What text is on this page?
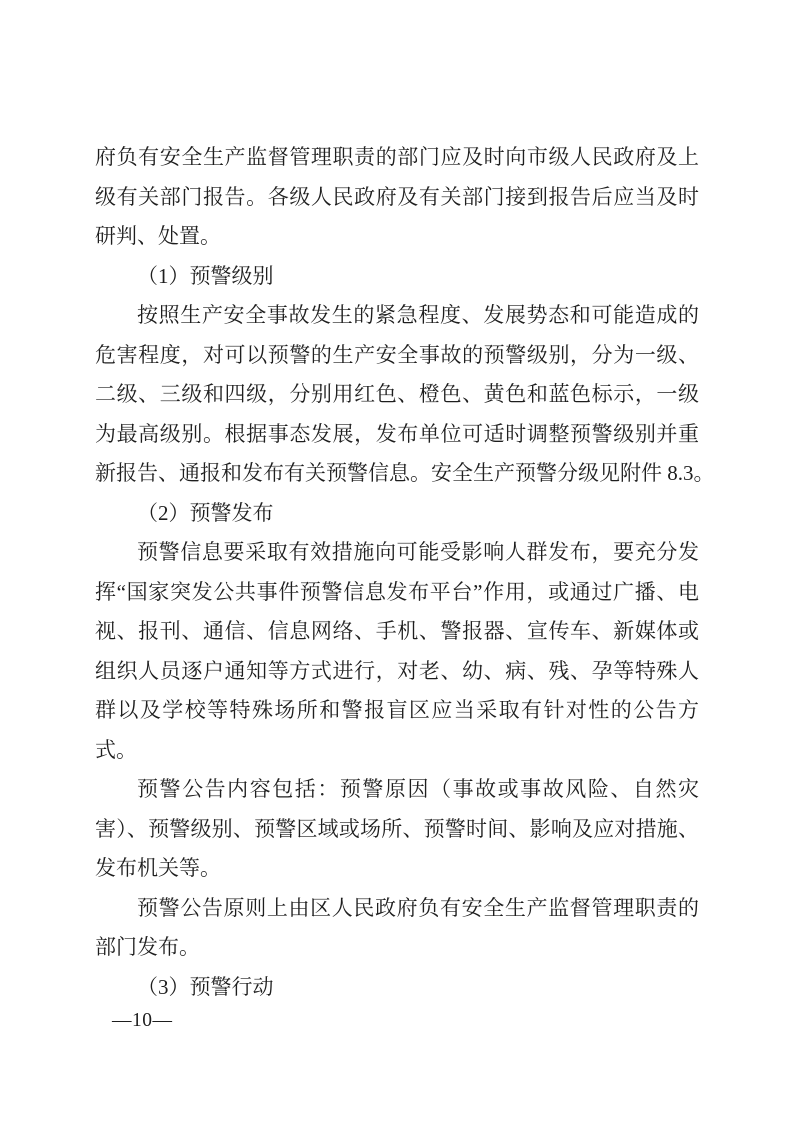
府负有安全生产监督管理职责的部门应及时向市级人民政府及上级有关部门报告。各级人民政府及有关部门接到报告后应当及时研判、处置。

（1）预警级别

按照生产安全事故发生的紧急程度、发展势态和可能造成的危害程度，对可以预警的生产安全事故的预警级别，分为一级、二级、三级和四级，分别用红色、橙色、黄色和蓝色标示，一级为最高级别。根据事态发展，发布单位可适时调整预警级别并重新报告、通报和发布有关预警信息。安全生产预警分级见附件 8.3。

（2）预警发布

预警信息要采取有效措施向可能受影响人群发布，要充分发挥“国家突发公共事件预警信息发布平台”作用，或通过广播、电视、报刊、通信、信息网络、手机、警报器、宣传车、新媒体或组织人员逐户通知等方式进行，对老、幼、病、残、孕等特殊人群以及学校等特殊场所和警报盲区应当采取有针对性的公告方式。

预警公告内容包括：预警原因（事故或事故风险、自然灾害）、预警级别、预警区域或场所、预警时间、影响及应对措施、发布机关等。

预警公告原则上由区人民政府负有安全生产监督管理职责的部门发布。

（3）预警行动

—10—
